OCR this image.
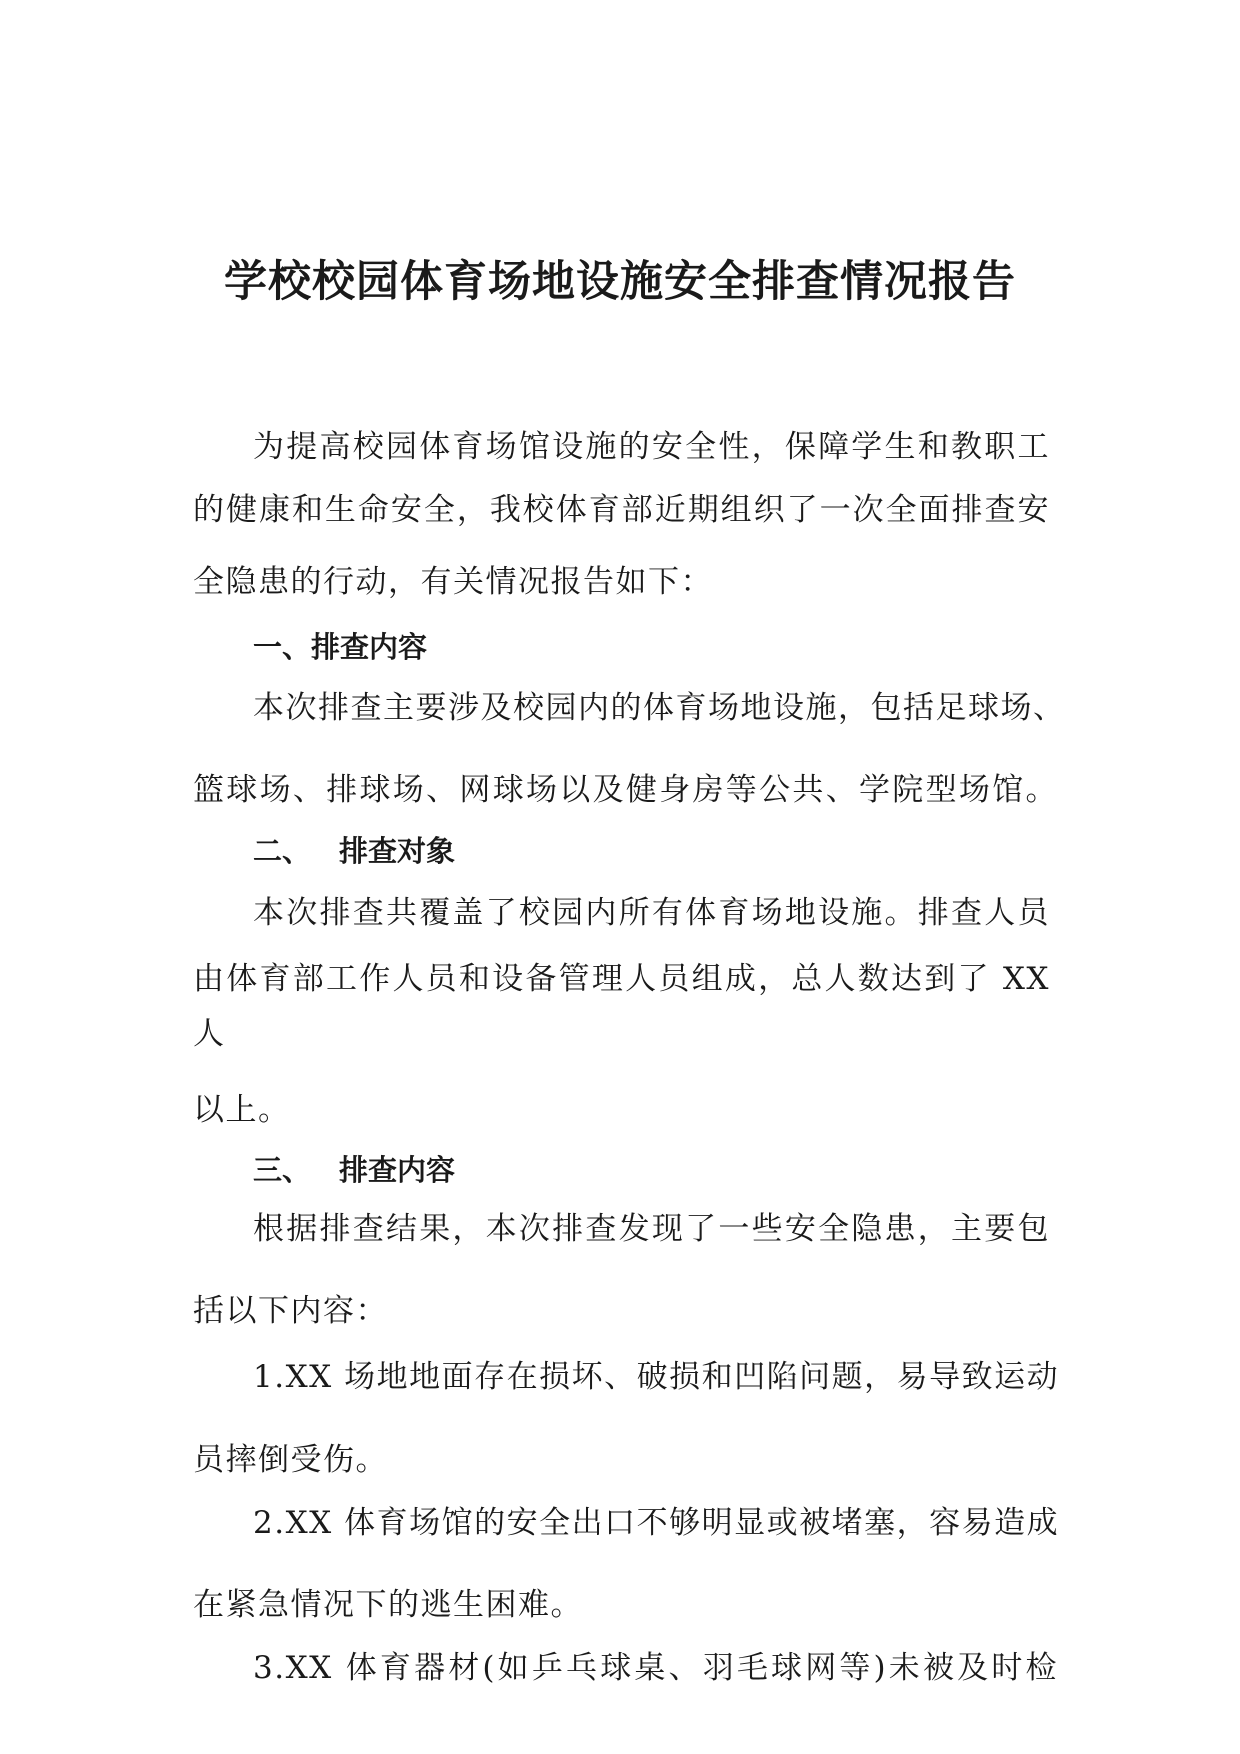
学校校园体育场地设施安全排查情况报告

为提高校园体育场馆设施的安全性，保障学生和教职工

的健康和生命安全，我校体育部近期组织了一次全面排查安

全隐患的行动，有关情况报告如下：

一、排查内容

本次排查主要涉及校园内的体育场地设施，包括足球场、

篮球场、排球场、网球场以及健身房等公共、学院型场馆。

二、 排查对象

本次排查共覆盖了校园内所有体育场地设施。排查人员

由体育部工作人员和设备管理人员组成，总人数达到了 XX

人

以上。

三、 排查内容

根据排查结果，本次排查发现了一些安全隐患，主要包

括以下内容：

1.XX 场地地面存在损坏、破损和凹陷问题，易导致运动

员摔倒受伤。

2.XX 体育场馆的安全出口不够明显或被堵塞，容易造成

在紧急情况下的逃生困难。

3.XX 体育器材(如乒乓球桌、羽毛球网等)未被及时检
